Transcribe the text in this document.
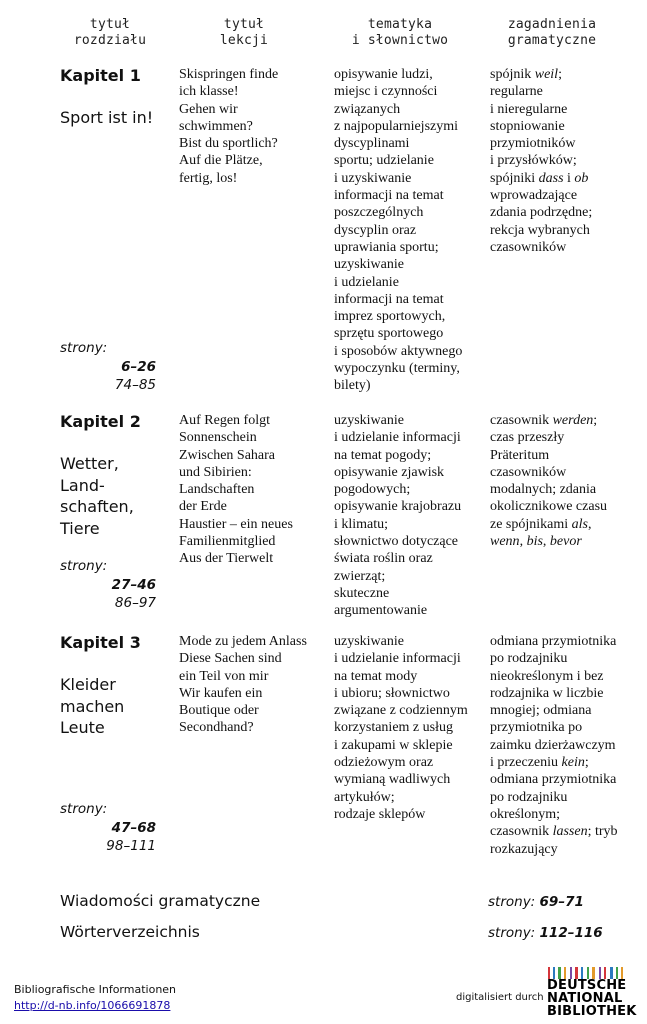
tytuł
rozdziału
tytuł
lekcji
tematyka
i słownictwo
zagadnienia
gramatyczne
Kapitel 1
Sport ist in!
strony:
6–26
74–85
Skispringen finde
ich klasse!
Gehen wir
schwimmen?
Bist du sportlich?
Auf die Plätze,
fertig, los!
opisywanie ludzi,
miejsc i czynności
związanych
z najpopularniejszymi
dyscyplinami
sportu; udzielanie
i uzyskiwanie
informacji na temat
poszczególnych
dyscyplin oraz
uprawiania sportu;
uzyskiwanie
i udzielanie
informacji na temat
imprez sportowych,
sprzętu sportowego
i sposobów aktywnego
wypoczynku (terminy,
bilety)
spójnik weil;
regularne
i nieregularne
stopniowanie
przymiotników
i przysłówków;
spójniki dass i ob
wprowadzające
zdania podrzędne;
rekcja wybranych
czasowników
Kapitel 2
Wetter,
Land-
schaften,
Tiere
strony:
27–46
86–97
Auf Regen folgt
Sonnenschein
Zwischen Sahara
und Sibirien:
Landschaften
der Erde
Haustier – ein neues
Familienmitglied
Aus der Tierwelt
uzyskiwanie
i udzielanie informacji
na temat pogody;
opisywanie zjawisk
pogodowych;
opisywanie krajobrazu
i klimatu;
słownictwo dotyczące
świata roślin oraz
zwierząt;
skuteczne
argumentowanie
czasownik werden;
czas przeszły
Präteritum
czasowników
modalnych; zdania
okolicznikowe czasu
ze spójnikami als,
wenn, bis, bevor
Kapitel 3
Kleider
machen
Leute
strony:
47–68
98–111
Mode zu jedem Anlass
Diese Sachen sind
ein Teil von mir
Wir kaufen ein
Boutique oder
Secondhand?
uzyskiwanie
i udzielanie informacji
na temat mody
i ubioru; słownictwo
związane z codziennym
korzystaniem z usług
i zakupami w sklepie
odzieżowym oraz
wymianą wadliwych
artykułów;
rodzaje sklepów
odmiana przymiotnika
po rodzajniku
nieokreślonym i bez
rodzajnika w liczbie
mnogiej; odmiana
przymiotnika po
zaimku dzierżawczym
i przeczeniu kein;
odmiana przymiotnika
po rodzajniku
określonym;
czasownik lassen; tryb
rozkazujący
Wiadomości gramatyczne	strony: 69–71
Wörterverzeichnis	strony: 112–116
Bibliografische Informationen
http://d-nb.info/1066691878
digitalisiert durch
DEUTSCHE
NATIONAL
BIBLIOTHEK
